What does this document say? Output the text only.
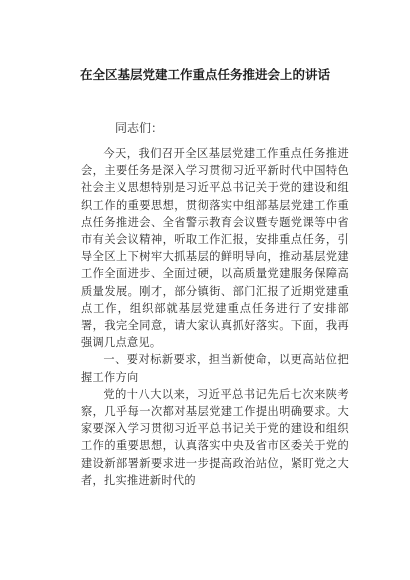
在全区基层党建工作重点任务推进会上的讲话
同志们：

今天，我们召开全区基层党建工作重点任务推进会，主要任务是深入学习贯彻习近平新时代中国特色社会主义思想特别是习近平总书记关于党的建设和组织工作的重要思想，贯彻落实中组部基层党建工作重点任务推进会、全省警示教育会议暨专题党课等中省市有关会议精神，听取工作汇报，安排重点任务，引导全区上下树牢大抓基层的鲜明导向，推动基层党建工作全面进步、全面过硬，以高质量党建服务保障高质量发展。刚才，部分镇街、部门汇报了近期党建重点工作，组织部就基层党建重点任务进行了安排部署，我完全同意，请大家认真抓好落实。下面，我再强调几点意见。

一、要对标新要求，担当新使命，以更高站位把握工作方向

党的十八大以来，习近平总书记先后七次来陕考察，几乎每一次都对基层党建工作提出明确要求。大家要深入学习贯彻习近平总书记关于党的建设和组织工作的重要思想，认真落实中央及省市区委关于党的建设新部署新要求进一步提高政治站位，紧盯党之大者，扎实推进新时代的
